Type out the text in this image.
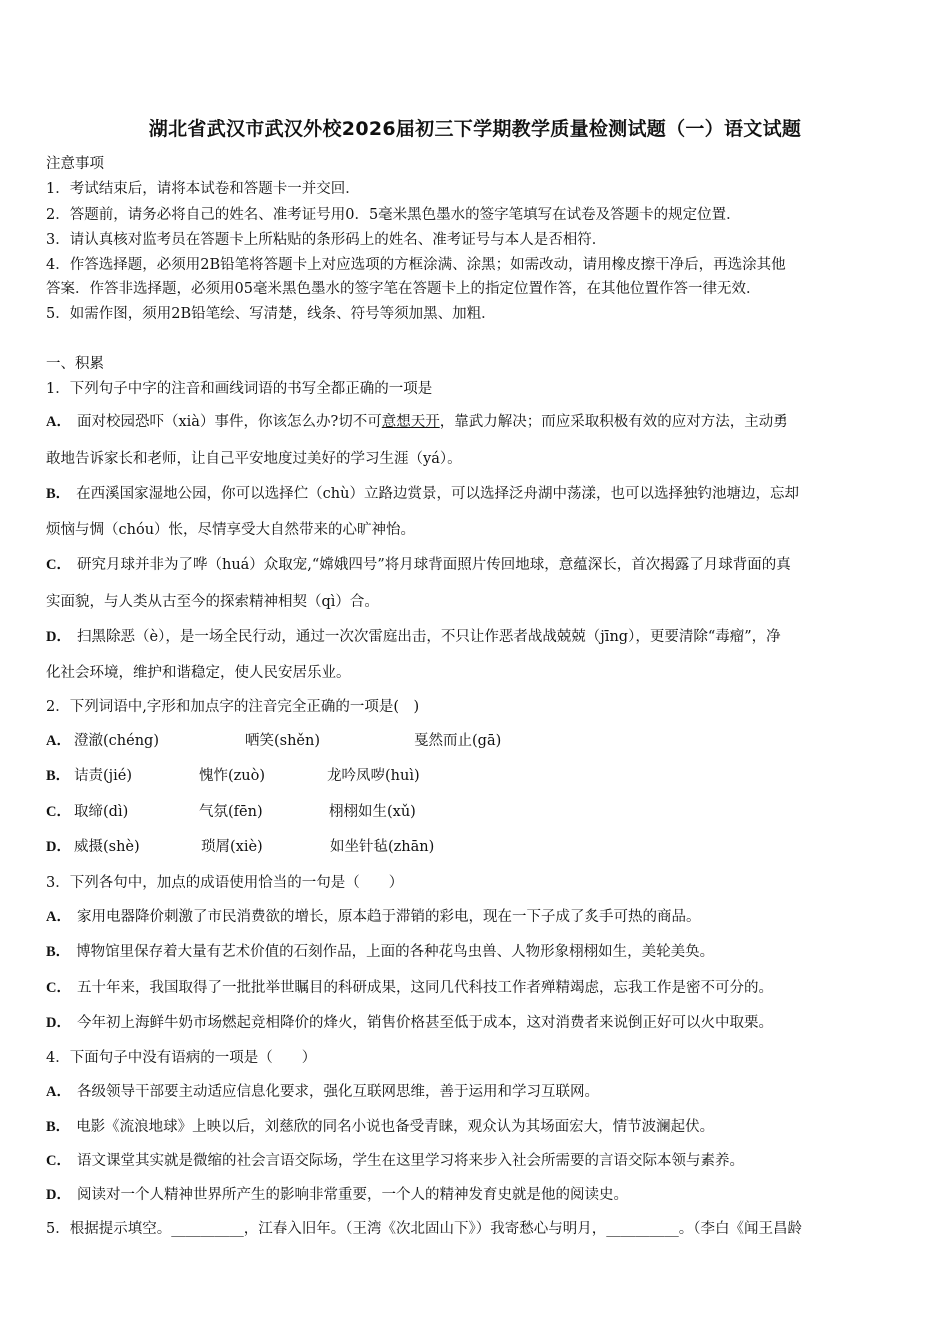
湖北省武汉市武汉外校2026届初三下学期教学质量检测试题（一）语文试题
注意事项
1．考试结束后，请将本试卷和答题卡一并交回．
2．答题前，请务必将自己的姓名、准考证号用0．5毫米黑色墨水的签字笔填写在试卷及答题卡的规定位置．
3．请认真核对监考员在答题卡上所粘贴的条形码上的姓名、准考证号与本人是否相符．
4．作答选择题，必须用2B铅笔将答题卡上对应选项的方框涂满、涂黑；如需改动，请用橡皮擦干净后，再选涂其他
答案．作答非选择题，必须用05毫米黑色墨水的签字笔在答题卡上的指定位置作答，在其他位置作答一律无效．
5．如需作图，须用2B铅笔绘、写清楚，线条、符号等须加黑、加粗．
一、积累
1．下列句子中字的注音和画线词语的书写全都正确的一项是
A． 面对校园恐吓（xià）事件，你该怎么办?切不可意想天开，靠武力解决；而应采取积极有效的应对方法，主动勇
敢地告诉家长和老师，让自己平安地度过美好的学习生涯（yá）。
B． 在西溪国家湿地公园，你可以选择伫（chù）立路边赏景，可以选择泛舟湖中荡漾，也可以选择独钓池塘边，忘却
烦恼与惆（chóu）怅，尽情享受大自然带来的心旷神怡。
C． 研究月球并非为了哗（huá）众取宠,“嫦娥四号”将月球背面照片传回地球，意蕴深长，首次揭露了月球背面的真
实面貌，与人类从古至今的探索精神相契（qì）合。
D． 扫黑除恶（è），是一场全民行动，通过一次次雷庭出击，不只让作恶者战战兢兢（jīng），更要清除“毒瘤”，净
化社会环境，维护和谐稳定，使人民安居乐业。
2．下列词语中,字形和加点字的注音完全正确的一项是(　)
A． 澄澈(chéng)	哂笑(shěn)	戛然而止(gā)
B． 诘责(jié)	愧怍(zuò)	龙吟凤哕(huì)
C． 取缔(dì)	气氛(fēn)	栩栩如生(xǔ)
D． 威摄(shè)	琐屑(xiè)	如坐针毡(zhān)
3．下列各句中，加点的成语使用恰当的一句是（　　）
A． 家用电器降价刺激了市民消费欲的增长，原本趋于滞销的彩电，现在一下子成了炙手可热的商品。
B． 博物馆里保存着大量有艺术价值的石刻作品，上面的各种花鸟虫兽、人物形象栩栩如生，美轮美奂。
C． 五十年来，我国取得了一批批举世瞩目的科研成果，这同几代科技工作者殚精竭虑，忘我工作是密不可分的。
D． 今年初上海鲜牛奶市场燃起竞相降价的烽火，销售价格甚至低于成本，这对消费者来说倒正好可以火中取栗。
4．下面句子中没有语病的一项是（　　）
A． 各级领导干部要主动适应信息化要求，强化互联网思维，善于运用和学习互联网。
B． 电影《流浪地球》上映以后，刘慈欣的同名小说也备受青睐，观众认为其场面宏大，情节波澜起伏。
C． 语文课堂其实就是微缩的社会言语交际场，学生在这里学习将来步入社会所需要的言语交际本领与素养。
D． 阅读对一个人精神世界所产生的影响非常重要，一个人的精神发育史就是他的阅读史。
5．根据提示填空。__________，江春入旧年。（王湾《次北固山下》）我寄愁心与明月，__________。（李白《闻王昌龄
